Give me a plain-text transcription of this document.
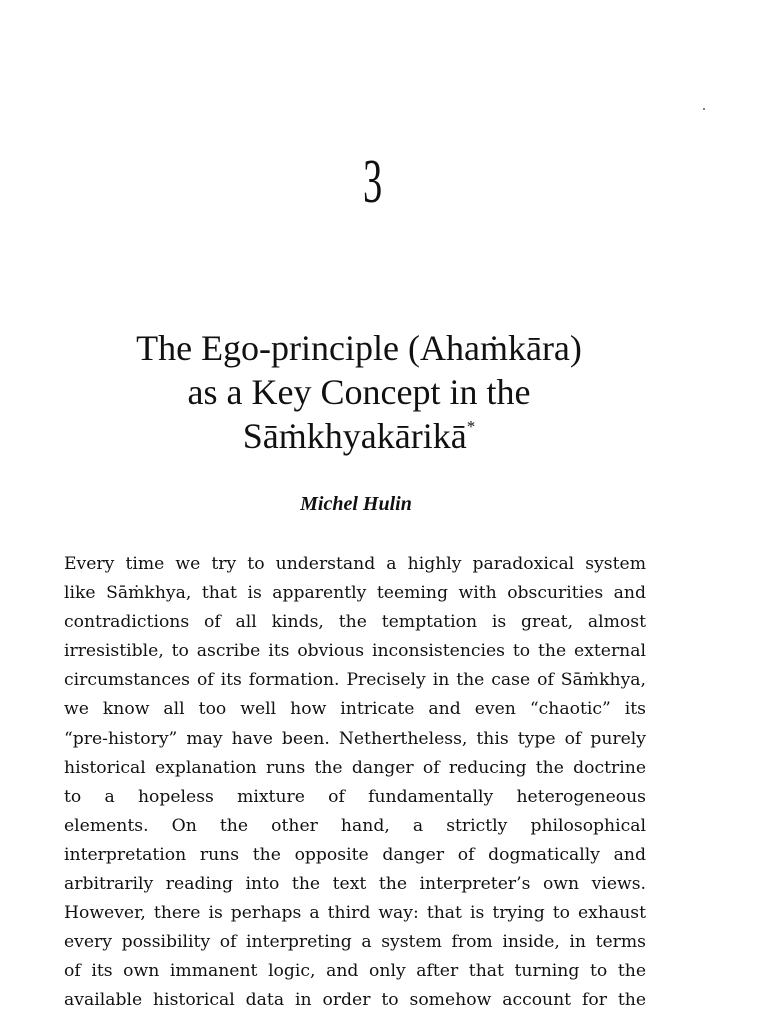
3
The Ego-principle (Ahaṁkāra)
as a Key Concept in the
Sāṁkhyakārikā*
Michel Hulin
Every time we try to understand a highly paradoxical system
like Sāṁkhya, that is apparently teeming with obscurities and
contradictions of all kinds, the temptation is great, almost
irresistible, to ascribe its obvious inconsistencies to the external
circumstances of its formation. Precisely in the case of Sāṁkhya,
we know all too well how intricate and even “chaotic” its
“pre-history” may have been. Nethertheless, this type of purely
historical explanation runs the danger of reducing the doctrine
to a hopeless mixture of fundamentally heterogeneous
elements. On the other hand, a strictly philosophical
interpretation runs the opposite danger of dogmatically and
arbitrarily reading into the text the interpreter’s own views.
However, there is perhaps a third way: that is trying to exhaust
every possibility of interpreting a system from inside, in terms
of its own immanent logic, and only after that turning to the
available historical data in order to somehow account for the
